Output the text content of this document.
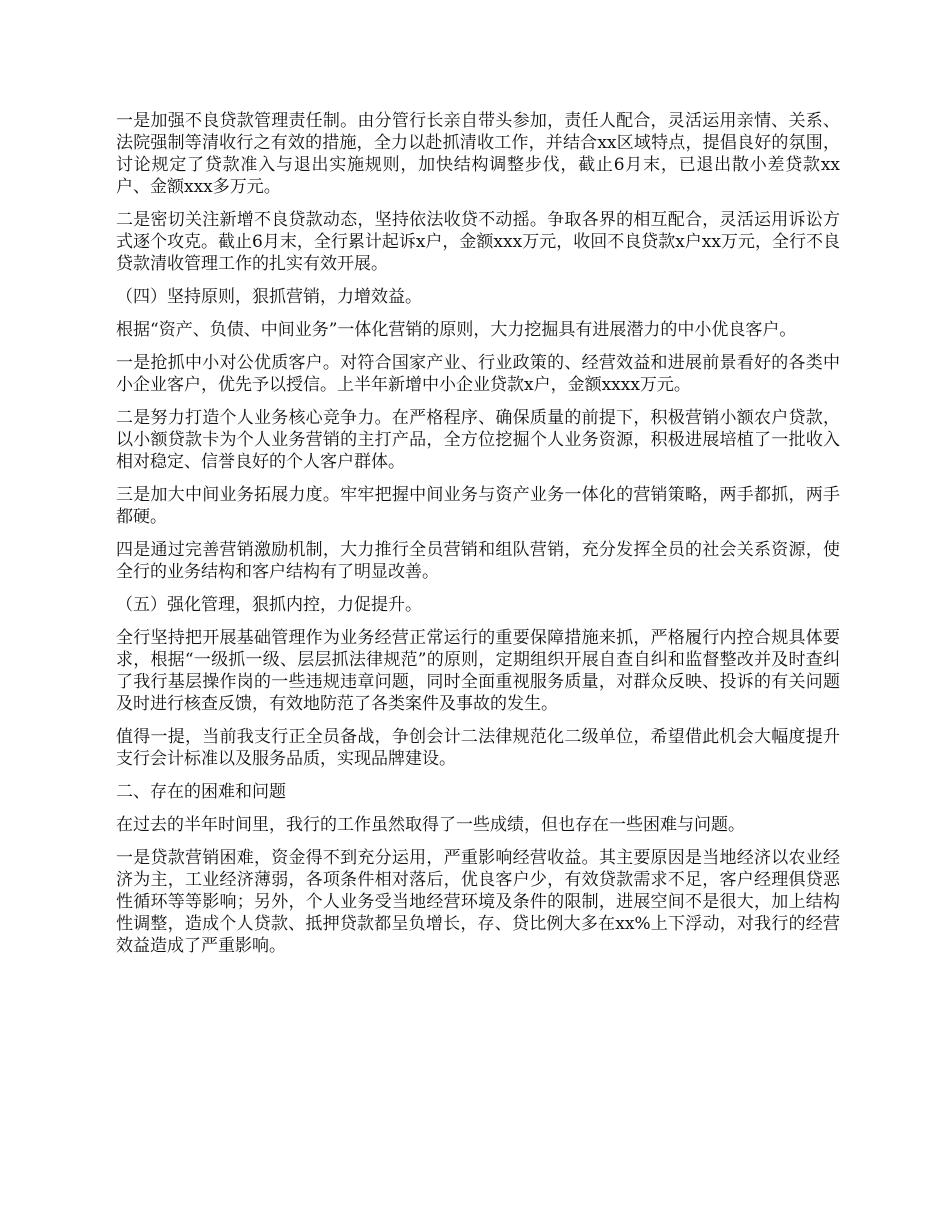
一是加强不良贷款管理责任制。由分管行长亲自带头参加，责任人配合，灵活运用亲情、关系、法院强制等清收行之有效的措施，全力以赴抓清收工作，并结合xx区域特点，提倡良好的氛围，讨论规定了贷款准入与退出实施规则，加快结构调整步伐，截止6月末，已退出散小差贷款xx户、金额xxx多万元。

二是密切关注新增不良贷款动态，坚持依法收贷不动摇。争取各界的相互配合，灵活运用诉讼方式逐个攻克。截止6月末，全行累计起诉x户，金额xxx万元，收回不良贷款x户xx万元，全行不良贷款清收管理工作的扎实有效开展。

（四）坚持原则，狠抓营销，力增效益。

根据“资产、负债、中间业务”一体化营销的原则，大力挖掘具有进展潜力的中小优良客户。

一是抢抓中小对公优质客户。对符合国家产业、行业政策的、经营效益和进展前景看好的各类中小企业客户，优先予以授信。上半年新增中小企业贷款x户，金额xxxx万元。

二是努力打造个人业务核心竞争力。在严格程序、确保质量的前提下，积极营销小额农户贷款，以小额贷款卡为个人业务营销的主打产品，全方位挖掘个人业务资源，积极进展培植了一批收入相对稳定、信誉良好的个人客户群体。

三是加大中间业务拓展力度。牢牢把握中间业务与资产业务一体化的营销策略，两手都抓，两手都硬。

四是通过完善营销激励机制，大力推行全员营销和组队营销，充分发挥全员的社会关系资源，使全行的业务结构和客户结构有了明显改善。

（五）强化管理，狠抓内控，力促提升。

全行坚持把开展基础管理作为业务经营正常运行的重要保障措施来抓，严格履行内控合规具体要求，根据“一级抓一级、层层抓法律规范”的原则，定期组织开展自查自纠和监督整改并及时查纠了我行基层操作岗的一些违规违章问题，同时全面重视服务质量，对群众反映、投诉的有关问题及时进行核查反馈，有效地防范了各类案件及事故的发生。

值得一提，当前我支行正全员备战，争创会计二法律规范化二级单位，希望借此机会大幅度提升支行会计标准以及服务品质，实现品牌建设。

二、存在的困难和问题

在过去的半年时间里，我行的工作虽然取得了一些成绩，但也存在一些困难与问题。

一是贷款营销困难，资金得不到充分运用，严重影响经营收益。其主要原因是当地经济以农业经济为主，工业经济薄弱，各项条件相对落后，优良客户少，有效贷款需求不足，客户经理俱贷恶性循环等等影响；另外，个人业务受当地经营环境及条件的限制，进展空间不是很大，加上结构性调整，造成个人贷款、抵押贷款都呈负增长，存、贷比例大多在xx%上下浮动，对我行的经营效益造成了严重影响。
